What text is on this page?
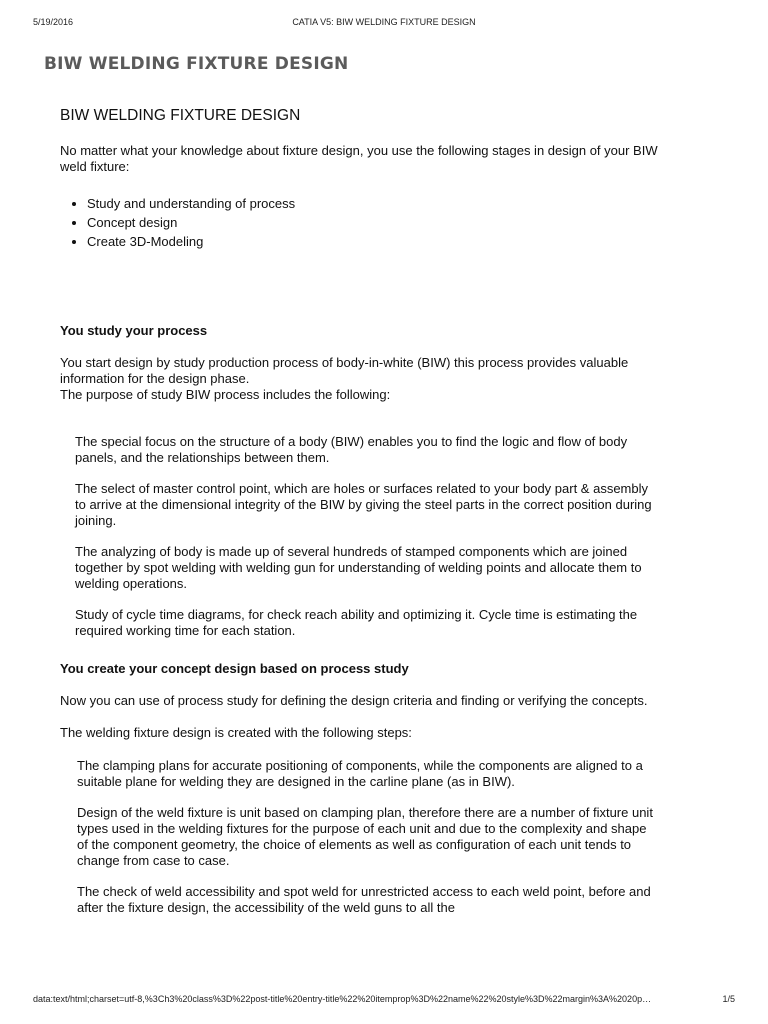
5/19/2016	CATIA V5: BIW WELDING FIXTURE DESIGN
BIW WELDING FIXTURE DESIGN
BIW WELDING FIXTURE DESIGN

No matter what your knowledge about fixture design, you use the following stages in design of your BIW weld fixture:

• Study and understanding of process
• Concept design
• Create 3D-Modeling

You study your process

You start design by study production process of body-in-white (BIW) this process provides valuable information for the design phase.

The purpose of study BIW process includes the following:

The special focus on the structure of a body (BIW) enables you to find the logic and flow of body panels, and the relationships between them.

The select of master control point, which are holes or surfaces related to your body part & assembly to arrive at the dimensional integrity of the BIW by giving the steel parts in the correct position during joining.

The analyzing of body is made up of several hundreds of stamped components which are joined together by spot welding with welding gun for understanding of welding points and allocate them to welding operations.

Study of cycle time diagrams, for check reach ability and optimizing it. Cycle time is estimating the required working time for each station.

You create your concept design based on process study

Now you can use of process study for defining the design criteria and finding or verifying the concepts.

The welding fixture design is created with the following steps:

The clamping plans for accurate positioning of components, while the components are aligned to a suitable plane for welding they are designed in the carline plane (as in BIW).

Design of the weld fixture is unit based on clamping plan, therefore there are a number of fixture unit types used in the welding fixtures for the purpose of each unit and due to the complexity and shape of the component geometry, the choice of elements as well as configuration of each unit tends to change from case to case.

The check of weld accessibility and spot weld for unrestricted access to each weld point, before and after the fixture design, the accessibility of the weld guns to all the

data:text/html;charset=utf-8,%3Ch3%20class%3D%22post-title%20entry-title%22%20itemprop%3D%22name%22%20style%3D%22margin%3A%2020p…	1/5
